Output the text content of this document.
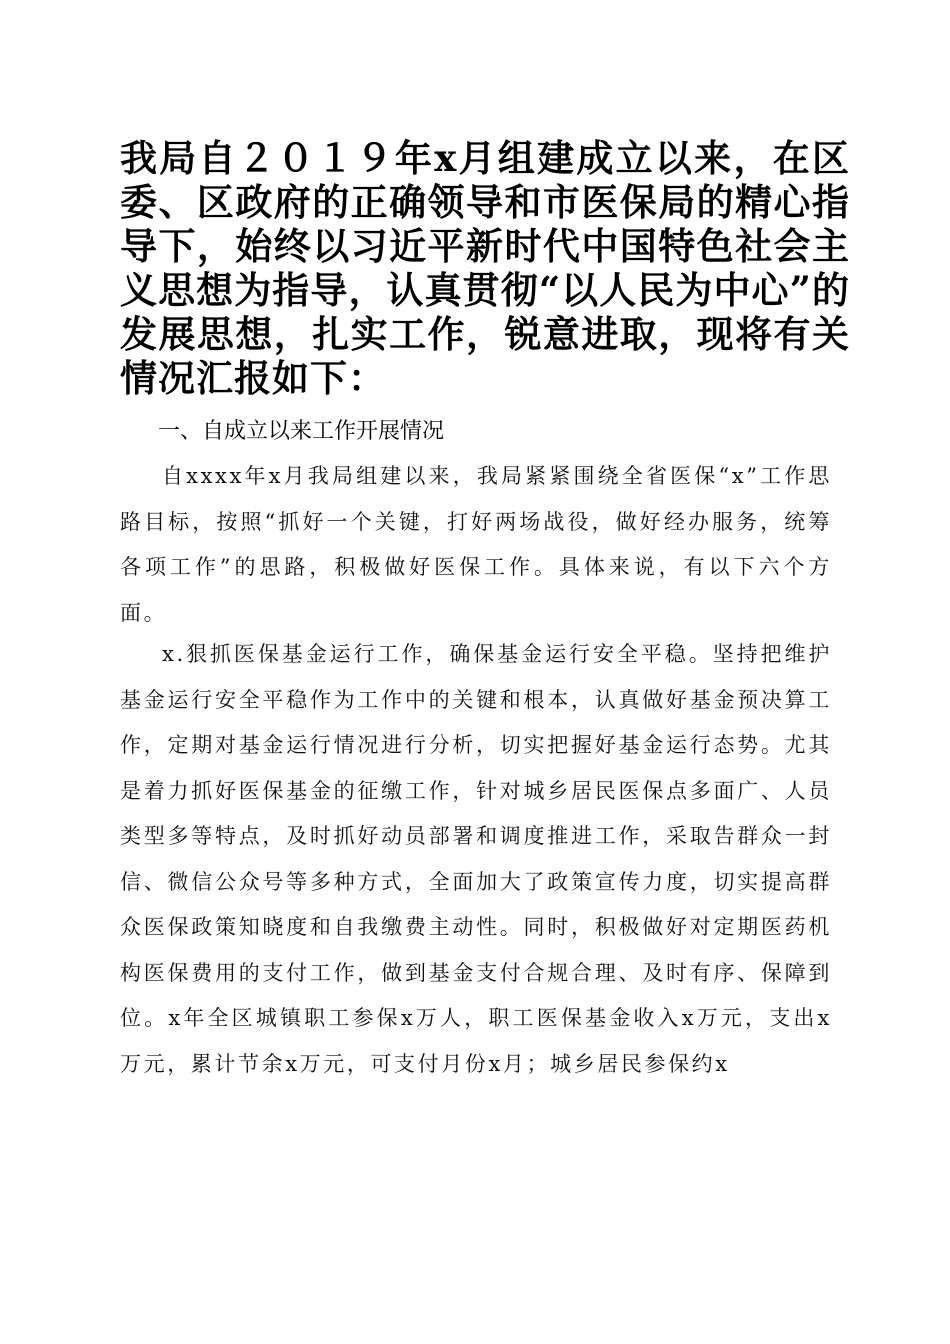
我局自２０１９年x月组建成立以来，在区委、区政府的正确领导和市医保局的精心指导下，始终以习近平新时代中国特色社会主义思想为指导，认真贯彻“以人民为中心”的发展思想，扎实工作，锐意进取，现将有关情况汇报如下：

一、自成立以来工作开展情况

自xxxx年x月我局组建以来，我局紧紧围绕全省医保“x”工作思路目标，按照“抓好一个关键，打好两场战役，做好经办服务，统筹各项工作”的思路，积极做好医保工作。具体来说，有以下六个方面。

x.狠抓医保基金运行工作，确保基金运行安全平稳。坚持把维护基金运行安全平稳作为工作中的关键和根本，认真做好基金预决算工作，定期对基金运行情况进行分析，切实把握好基金运行态势。尤其是着力抓好医保基金的征缴工作，针对城乡居民医保点多面广、人员类型多等特点，及时抓好动员部署和调度推进工作，采取告群众一封信、微信公众号等多种方式，全面加大了政策宣传力度，切实提高群众医保政策知晓度和自我缴费主动性。同时，积极做好对定期医药机构医保费用的支付工作，做到基金支付合规合理、及时有序、保障到位。x年全区城镇职工参保x万人，职工医保基金收入x万元，支出x万元，累计节余x万元，可支付月份x月；城乡居民参保约x
